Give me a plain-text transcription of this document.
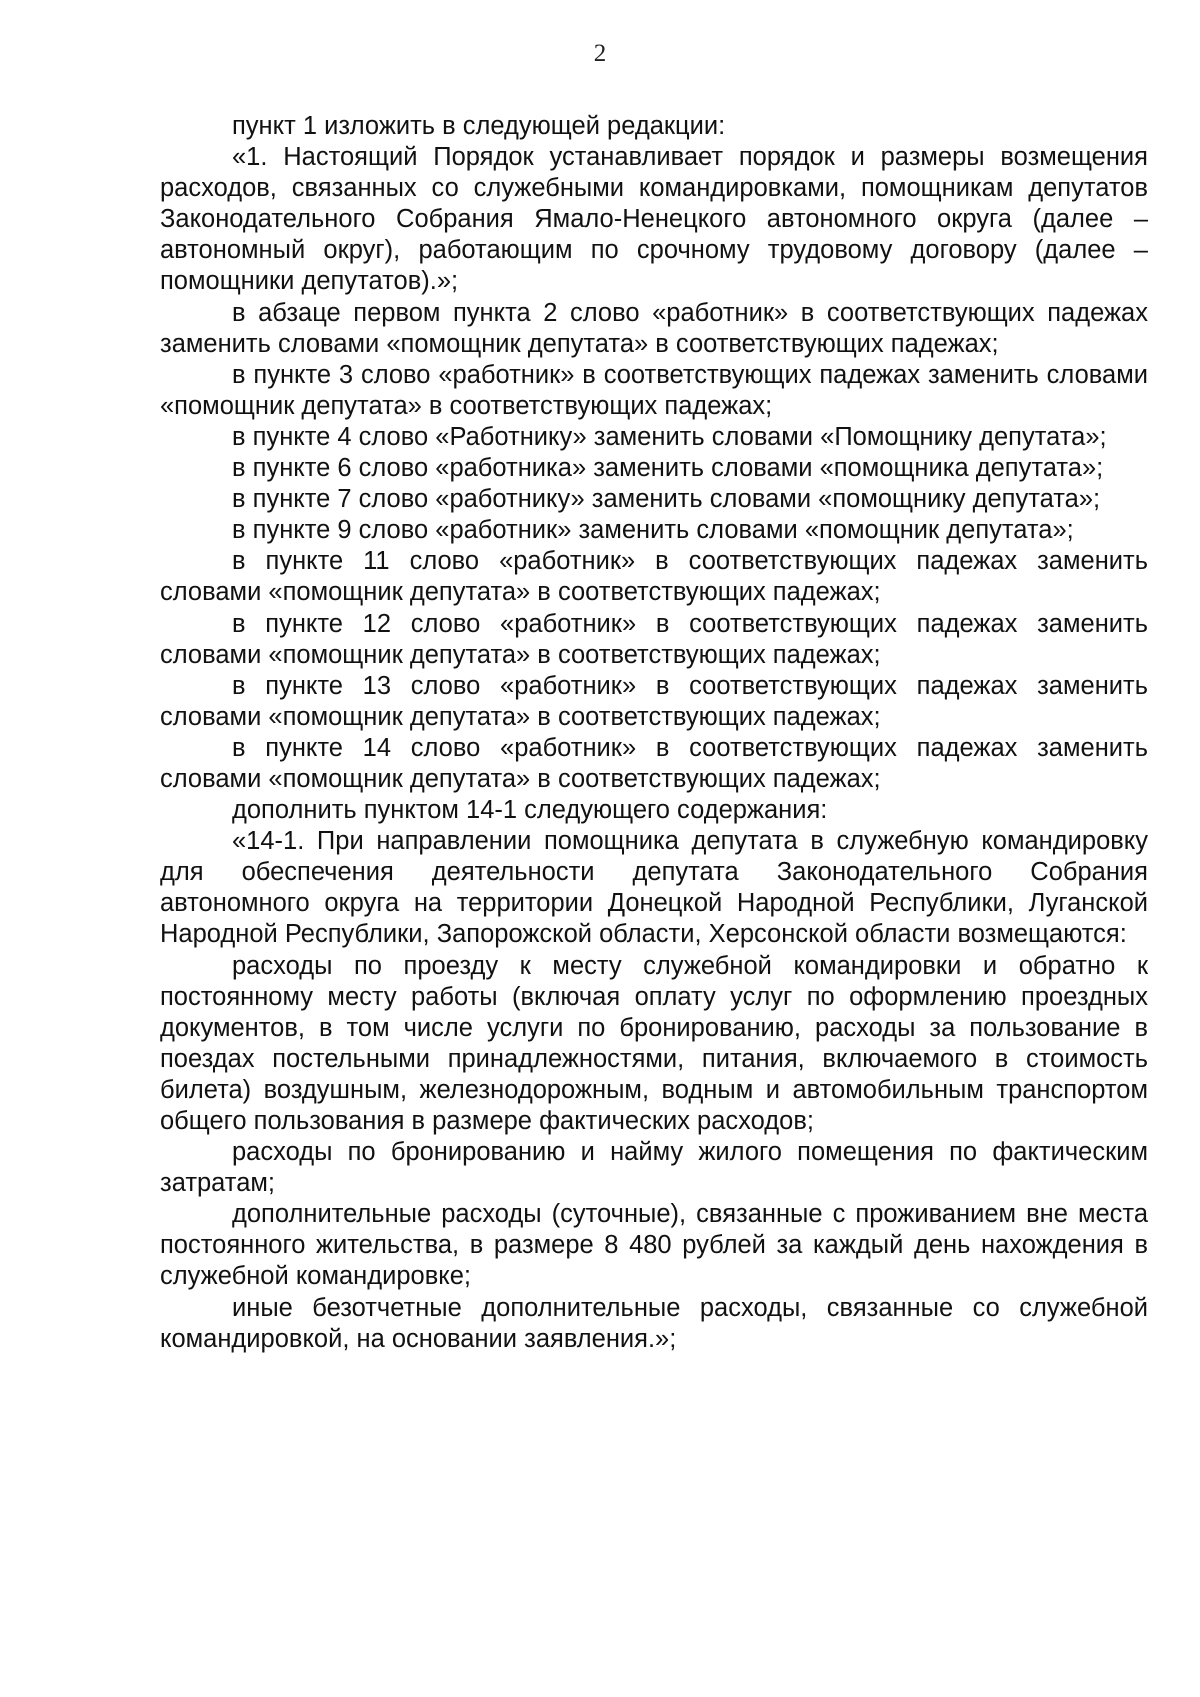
2

пункт 1 изложить в следующей редакции:

«1. Настоящий Порядок устанавливает порядок и размеры возмещения расходов, связанных со служебными командировками, помощникам депутатов Законодательного Собрания Ямало-Ненецкого автономного округа (далее – автономный округ), работающим по срочному трудовому договору (далее – помощники депутатов).»;

в абзаце первом пункта 2 слово «работник» в соответствующих падежах заменить словами «помощник депутата» в соответствующих падежах;

в пункте 3 слово «работник» в соответствующих падежах заменить словами «помощник депутата» в соответствующих падежах;

в пункте 4 слово «Работнику» заменить словами «Помощнику депутата»;

в пункте 6 слово «работника» заменить словами «помощника депутата»;

в пункте 7 слово «работнику» заменить словами «помощнику депутата»;

в пункте 9 слово «работник» заменить словами «помощник депутата»;

в пункте 11 слово «работник» в соответствующих падежах заменить словами «помощник депутата» в соответствующих падежах;

в пункте 12 слово «работник» в соответствующих падежах заменить словами «помощник депутата» в соответствующих падежах;

в пункте 13 слово «работник» в соответствующих падежах заменить словами «помощник депутата» в соответствующих падежах;

в пункте 14 слово «работник» в соответствующих падежах заменить словами «помощник депутата» в соответствующих падежах;

дополнить пунктом 14-1 следующего содержания:

«14-1. При направлении помощника депутата в служебную командировку для обеспечения деятельности депутата Законодательного Собрания автономного округа на территории Донецкой Народной Республики, Луганской Народной Республики, Запорожской области, Херсонской области возмещаются:

расходы по проезду к месту служебной командировки и обратно к постоянному месту работы (включая оплату услуг по оформлению проездных документов, в том числе услуги по бронированию, расходы за пользование в поездах постельными принадлежностями, питания, включаемого в стоимость билета) воздушным, железнодорожным, водным и автомобильным транспортом общего пользования в размере фактических расходов;

расходы по бронированию и найму жилого помещения по фактическим затратам;

дополнительные расходы (суточные), связанные с проживанием вне места постоянного жительства, в размере 8 480 рублей за каждый день нахождения в служебной командировке;

иные безотчетные дополнительные расходы, связанные со служебной командировкой, на основании заявления.»;
